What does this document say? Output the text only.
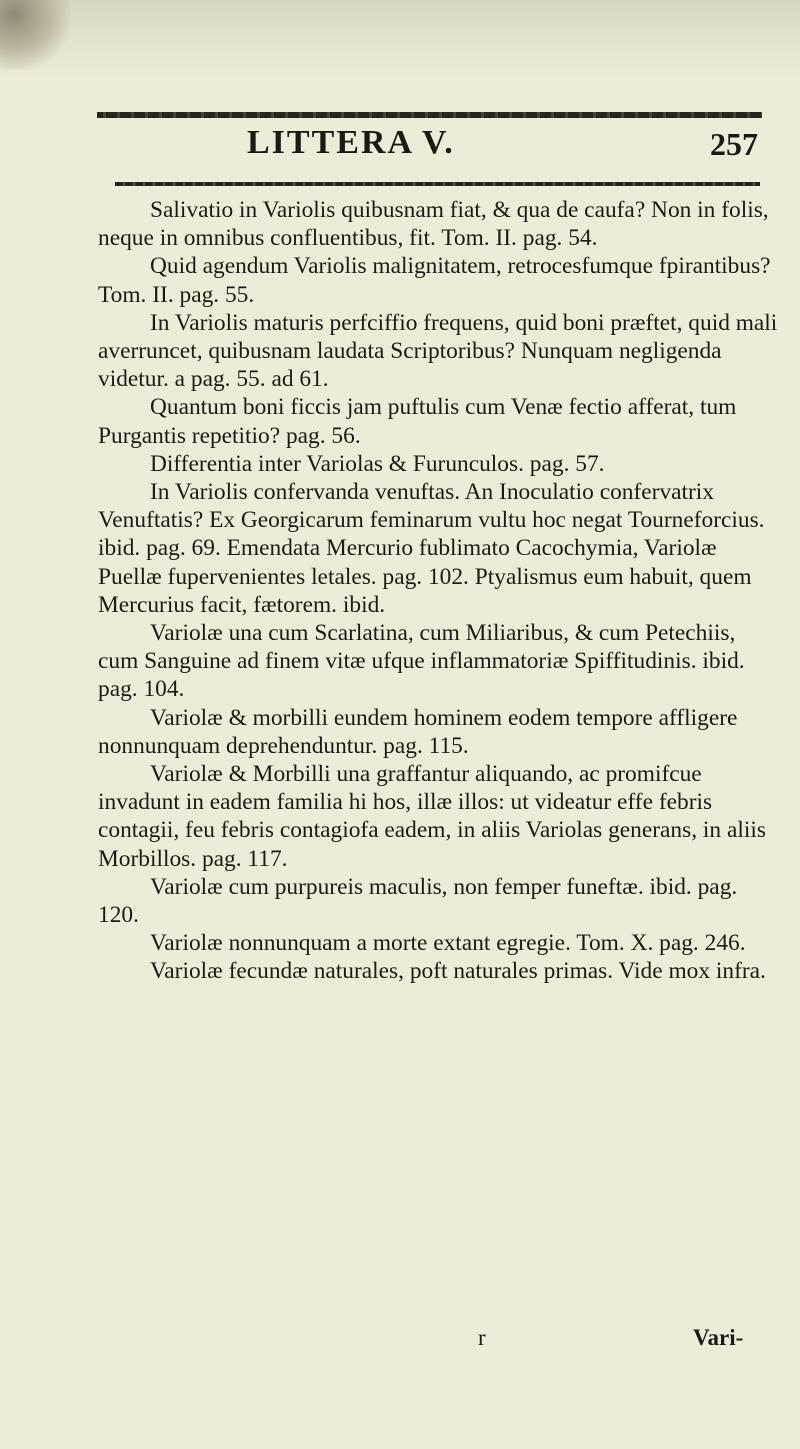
LITTERA V.	257

Salivatio in Variolis quibusnam fiat, & qua de caufa? Non in folis, neque in omnibus confluentibus, fit. Tom. II. pag. 54.

Quid agendum Variolis malignitatem, retrocesfumque fpirantibus? Tom. II. pag. 55.

In Variolis maturis perfciffio frequens, quid boni præftet, quid mali averruncet, quibusnam laudata Scriptoribus? Nunquam negligenda videtur. a pag. 55. ad 61.

Quantum boni ficcis jam puftulis cum Venæ fectio afferat, tum Purgantis repetitio? pag. 56.

Differentia inter Variolas & Furunculos. pag. 57.

In Variolis confervanda venuftas. An Inoculatio confervatrix Venuftatis? Ex Georgicarum feminarum vultu hoc negat Tourneforcius. ibid. pag. 69. Emendata Mercurio fublimato Cacochymia, Variolæ Puellæ fupervenientes letales. pag. 102. Ptyalismus eum habuit, quem Mercurius facit, fætorem. ibid.

Variolæ una cum Scarlatina, cum Miliaribus, & cum Petechiis, cum Sanguine ad finem vitæ ufque inflammatoriæ Spiffitudinis. ibid. pag. 104.

Variolæ & morbilli eundem hominem eodem tempore affligere nonnunquam deprehenduntur. pag. 115.

Variolæ & Morbilli una graffantur aliquando, ac promifcue invadunt in eadem familia hi hos, illæ illos: ut videatur effe febris contagii, feu febris contagiofa eadem, in aliis Variolas generans, in aliis Morbillos. pag. 117.

Variolæ cum purpureis maculis, non femper funeftæ. ibid. pag. 120.

Variolæ nonnunquam a morte extant egregie. Tom. X. pag. 246.

Variolæ fecundæ naturales, poft naturales primas. Vide mox infra.

r	Vari-
